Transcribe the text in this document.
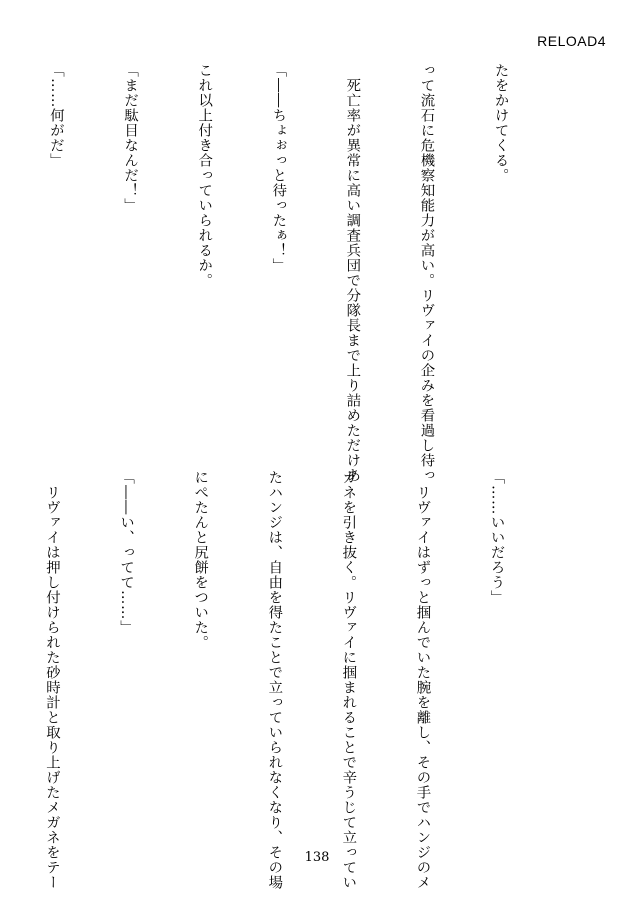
RELOAD4

たをかけてくる。

って流石に危機察知能力が高い。リヴァイの企みを看過し待っ

　死亡率が異常に高い調査兵団で分隊長まで上り詰めただけあ

「――ちょぉっと待ったぁ！」

これ以上付き合っていられるか。

「まだ駄目なんだ！」

「……何がだ」

「……いいだろう」

　リヴァイはずっと掴んでいた腕を離し、その手でハンジのメ

ガネを引き抜く。リヴァイに掴まれることで辛うじて立ってい

たハンジは、自由を得たことで立っていられなくなり、その場

にぺたんと尻餅をついた。

「――い、ってて……」

　リヴァイは押し付けられた砂時計と取り上げたメガネをテー

	138
